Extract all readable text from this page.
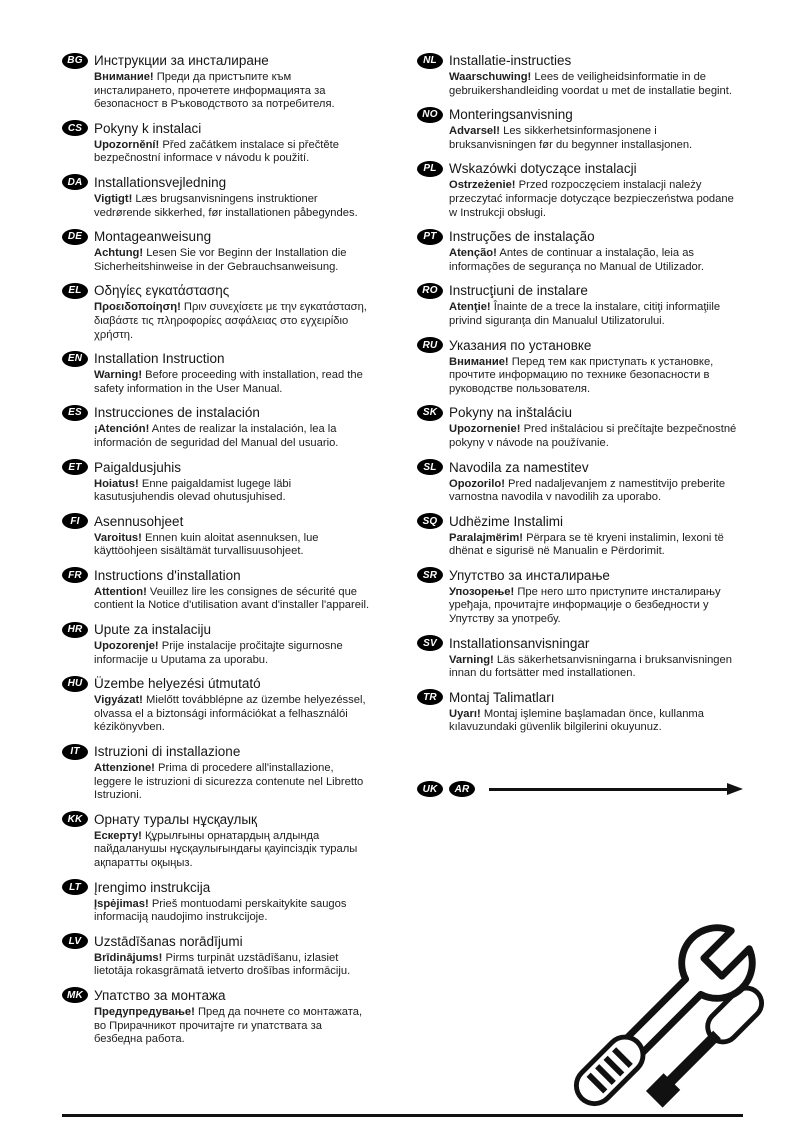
BG Инструкции за инсталиране
Внимание! Преди да пристъпите към инсталирането, прочетете информацията за безопасност в Ръководството за потребителя.
CS Pokyny k instalaci
Upozornění! Před začátkem instalace si přečtěte bezpečnostní informace v návodu k použití.
DA Installationsvejledning
Vigtigt! Læs brugsanvisningens instruktioner vedrørende sikkerhed, før installationen påbegyndes.
DE Montageanweisung
Achtung! Lesen Sie vor Beginn der Installation die Sicherheitshinweise in der Gebrauchsanweisung.
EL Οδηγίες εγκατάστασης
Προειδοποίηση! Πριν συνεχίσετε με την εγκατάσταση, διαβάστε τις πληροφορίες ασφάλειας στο εγχειρίδιο χρήστη.
EN Installation Instruction
Warning! Before proceeding with installation, read the safety information in the User Manual.
ES Instrucciones de instalación
¡Atención! Antes de realizar la instalación, lea la información de seguridad del Manual del usuario.
ET Paigaldusjuhis
Hoiatus! Enne paigaldamist lugege läbi kasutusjuhendis olevad ohutusjuhised.
FI	Asennusohjeet
Varoitus! Ennen kuin aloitat asennuksen, lue käyttöohjeen sisältämät turvallisuusohjeet.
FR Instructions d'installation
Attention! Veuillez lire les consignes de sécurité que contient la Notice d'utilisation avant d'installer l'appareil.
HR Upute za instalaciju
Upozorenje! Prije instalacije pročitajte sigurnosne informacije u Uputama za uporabu.
HU Üzembe helyezési útmutató
Vigyázat! Mielőtt továbblépne az üzembe helyezéssel, olvassa el a biztonsági információkat a felhasználói kézikönyvben.
IT	Istruzioni di installazione
Attenzione! Prima di procedere all'installazione, leggere le istruzioni di sicurezza contenute nel Libretto Istruzioni.
KK Орнату туралы нұсқаулық
Ескерту! Құрылғыны орнатардың алдында пайдаланушы нұсқаулығындағы қауіпсіздік туралы ақпаратты оқыңыз.
LT Įrengimo instrukcija
Įspėjimas! Prieš montuodami perskaitykite saugos informaciją naudojimo instrukcijoje.
LV Uzstādīšanas norādījumi
Brīdinājums! Pirms turpināt uzstādīšanu, izlasiet lietotāja rokasgrāmatā ietverto drošības informāciju.
MK Упатство за монтажа
Предупредување! Пред да почнете со монтажата, во Прирачникот прочитајте ги упатствата за безбедна работа.
NL Installatie-instructies
Waarschuwing! Lees de veiligheidsinformatie in de gebruikershandleiding voordat u met de installatie begint.
NO Monteringsanvisning
Advarsel! Les sikkerhetsinformasjonene i bruksanvisningen før du begynner installasjonen.
PL Wskazówki dotyczące instalacji
Ostrzeżenie! Przed rozpoczęciem instalacji należy przeczytać informacje dotyczące bezpieczeństwa podane w Instrukcji obsługi.
PT Instruções de instalação
Atenção! Antes de continuar a instalação, leia as informações de segurança no Manual de Utilizador.
RO Instrucţiuni de instalare
Atenţie! Înainte de a trece la instalare, citiţi informaţiile privind siguranţa din Manualul Utilizatorului.
RU Указания по установке
Внимание! Перед тем как приступать к установке, прочтите информацию по технике безопасности в руководстве пользователя.
SK Pokyny na inštaláciu
Upozornenie! Pred inštaláciou si prečítajte bezpečnostné pokyny v návode na používanie.
SL Navodila za namestitev
Opozorilo! Pred nadaljevanjem z namestitvijo preberite varnostna navodila v navodilih za uporabo.
SQ Udhëzime Instalimi
Paralajmërim! Përpara se të kryeni instalimin, lexoni të dhënat e sigurisë në Manualin e Përdorimit.
SR Упутство за инсталирање
Упозорење! Пре него што приступите инсталирању уређаја, прочитајте информације о безбедности у Упутству за употребу.
SV Installationsanvisningar
Varning! Läs säkerhetsanvisningarna i bruksanvisningen innan du fortsätter med installationen.
TR Montaj Talimatları
Uyarı! Montaj işlemine başlamadan önce, kullanma kılavuzundaki güvenlik bilgilerini okuyunuz.
UK	AR
